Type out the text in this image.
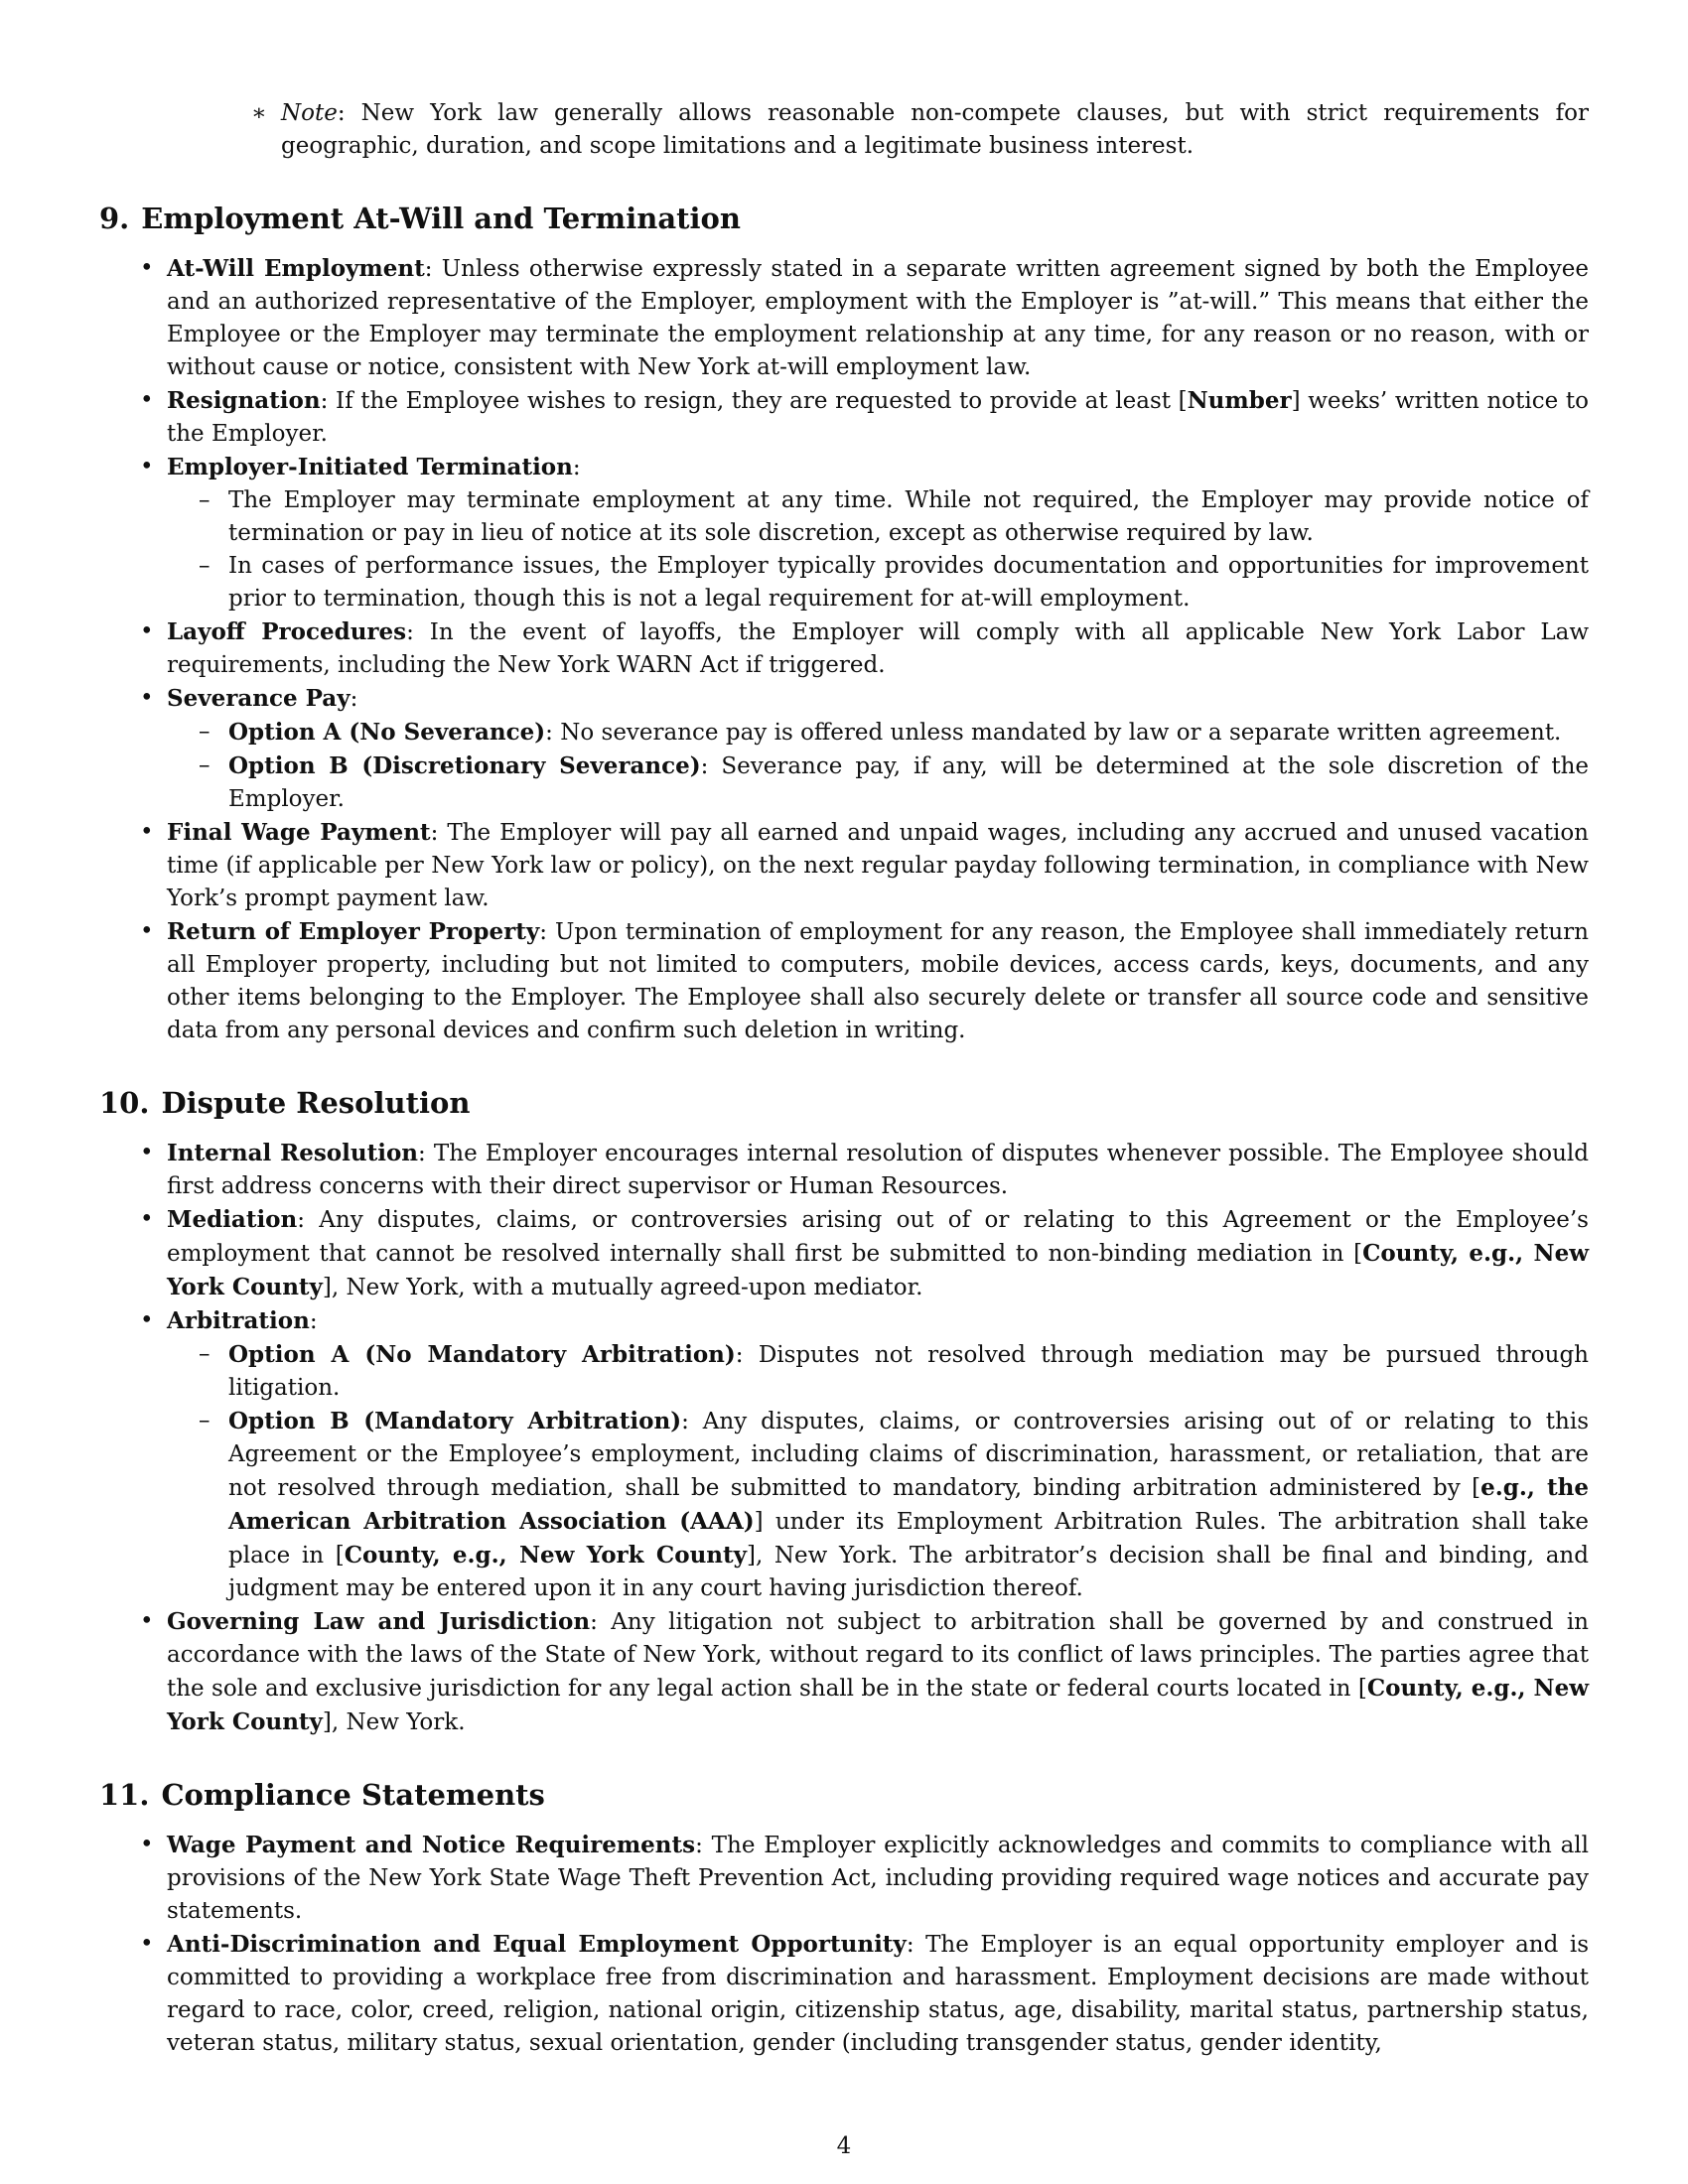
∗ Note: New York law generally allows reasonable non-compete clauses, but with strict requirements for geographic, duration, and scope limitations and a legitimate business interest.
9. Employment At-Will and Termination
• At-Will Employment: Unless otherwise expressly stated in a separate written agreement signed by both the Employee and an authorized representative of the Employer, employment with the Employer is ”at-will.” This means that either the Employee or the Employer may terminate the employment relationship at any time, for any reason or no reason, with or without cause or notice, consistent with New York at-will employment law.
• Resignation: If the Employee wishes to resign, they are requested to provide at least [Number] weeks’ written notice to the Employer.
• Employer-Initiated Termination:
– The Employer may terminate employment at any time. While not required, the Employer may provide notice of termination or pay in lieu of notice at its sole discretion, except as otherwise required by law.
– In cases of performance issues, the Employer typically provides documentation and opportunities for improvement prior to termination, though this is not a legal requirement for at-will employment.
• Layoff Procedures: In the event of layoffs, the Employer will comply with all applicable New York Labor Law requirements, including the New York WARN Act if triggered.
• Severance Pay:
– Option A (No Severance): No severance pay is offered unless mandated by law or a separate written agreement.
– Option B (Discretionary Severance): Severance pay, if any, will be determined at the sole discretion of the Employer.
• Final Wage Payment: The Employer will pay all earned and unpaid wages, including any accrued and unused vacation time (if applicable per New York law or policy), on the next regular payday following termination, in compliance with New York’s prompt payment law.
• Return of Employer Property: Upon termination of employment for any reason, the Employee shall immediately return all Employer property, including but not limited to computers, mobile devices, access cards, keys, documents, and any other items belonging to the Employer. The Employee shall also securely delete or transfer all source code and sensitive data from any personal devices and confirm such deletion in writing.
10. Dispute Resolution
• Internal Resolution: The Employer encourages internal resolution of disputes whenever possible. The Employee should first address concerns with their direct supervisor or Human Resources.
• Mediation: Any disputes, claims, or controversies arising out of or relating to this Agreement or the Employee’s employment that cannot be resolved internally shall first be submitted to non-binding mediation in [County, e.g., New York County], New York, with a mutually agreed-upon mediator.
• Arbitration:
– Option A (No Mandatory Arbitration): Disputes not resolved through mediation may be pursued through litigation.
– Option B (Mandatory Arbitration): Any disputes, claims, or controversies arising out of or relating to this Agreement or the Employee’s employment, including claims of discrimination, harassment, or retaliation, that are not resolved through mediation, shall be submitted to mandatory, binding arbitration administered by [e.g., the American Arbitration Association (AAA)] under its Employment Arbitration Rules. The arbitration shall take place in [County, e.g., New York County], New York. The arbitrator’s decision shall be final and binding, and judgment may be entered upon it in any court having jurisdiction thereof.
• Governing Law and Jurisdiction: Any litigation not subject to arbitration shall be governed by and construed in accordance with the laws of the State of New York, without regard to its conflict of laws principles. The parties agree that the sole and exclusive jurisdiction for any legal action shall be in the state or federal courts located in [County, e.g., New York County], New York.
11. Compliance Statements
• Wage Payment and Notice Requirements: The Employer explicitly acknowledges and commits to compliance with all provisions of the New York State Wage Theft Prevention Act, including providing required wage notices and accurate pay statements.
• Anti-Discrimination and Equal Employment Opportunity: The Employer is an equal opportunity employer and is committed to providing a workplace free from discrimination and harassment. Employment decisions are made without regard to race, color, creed, religion, national origin, citizenship status, age, disability, marital status, partnership status, veteran status, military status, sexual orientation, gender (including transgender status, gender identity,
4
